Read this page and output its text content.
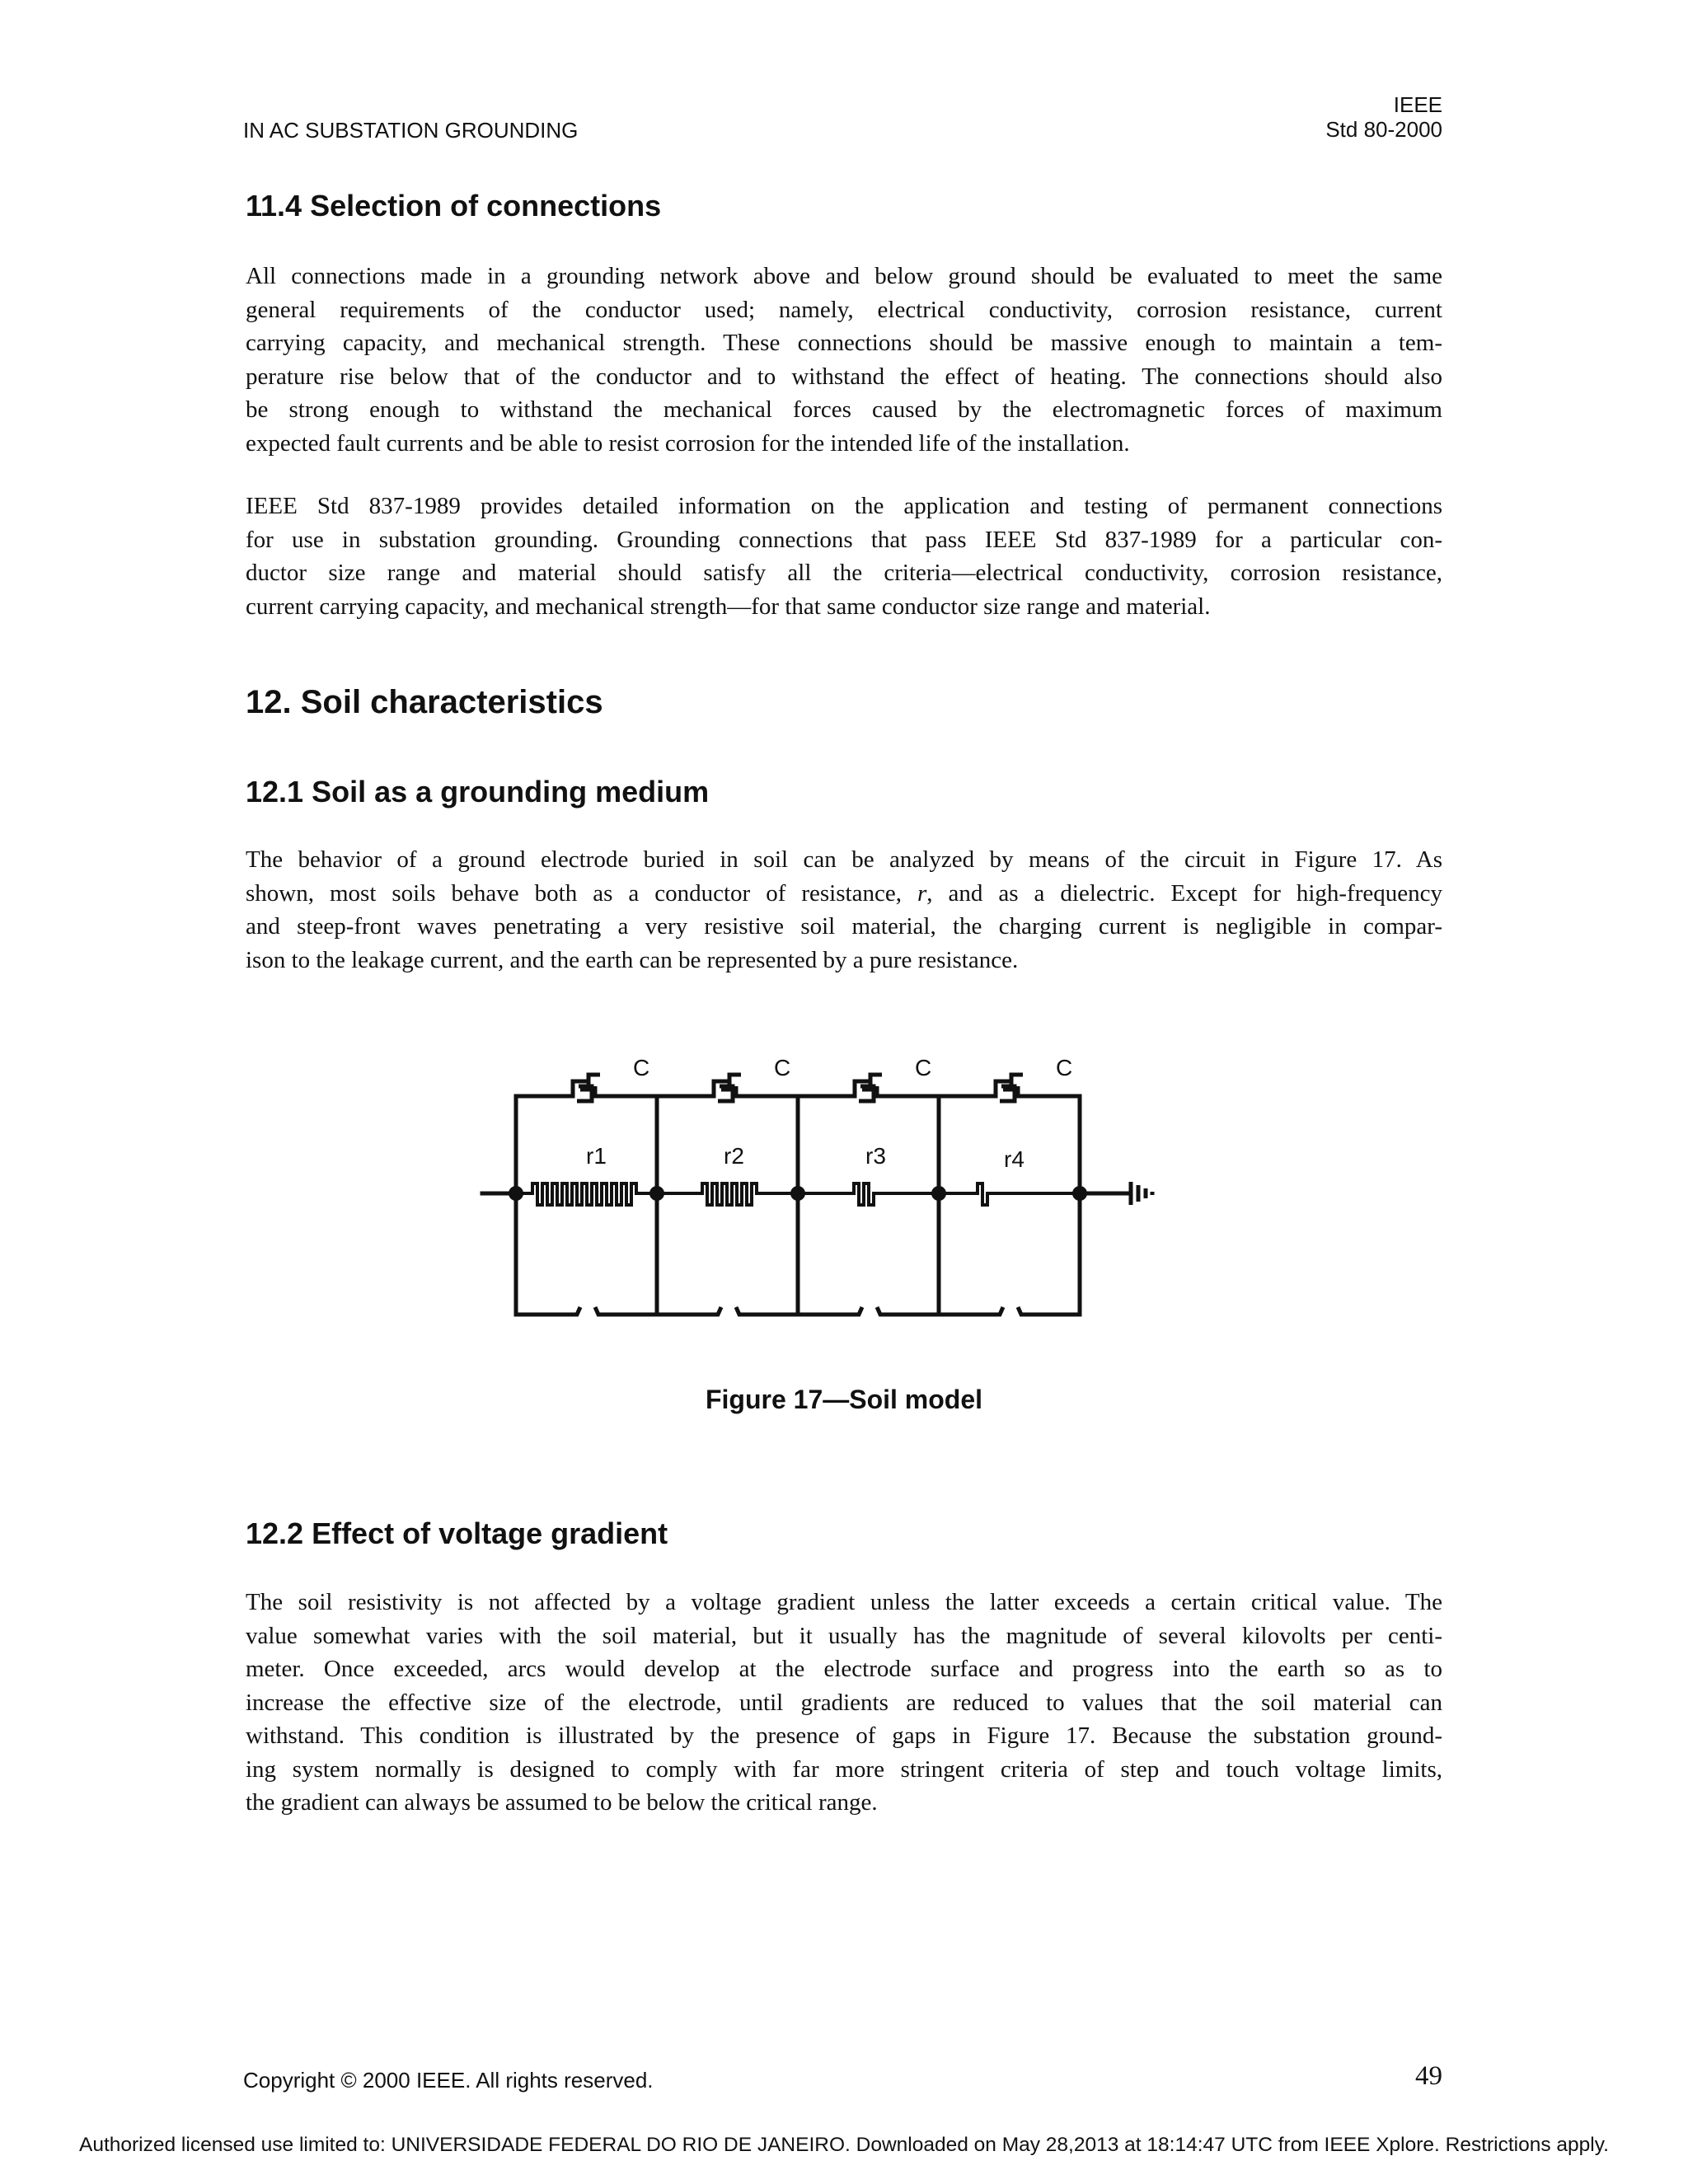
IN AC SUBSTATION GROUNDING
IEEE
Std 80-2000
11.4 Selection of connections

All connections made in a grounding network above and below ground should be evaluated to meet the same
general requirements of the conductor used; namely, electrical conductivity, corrosion resistance, current
carrying capacity, and mechanical strength. These connections should be massive enough to maintain a tem-
perature rise below that of the conductor and to withstand the effect of heating. The connections should also
be strong enough to withstand the mechanical forces caused by the electromagnetic forces of maximum
expected fault currents and be able to resist corrosion for the intended life of the installation.

IEEE Std 837-1989 provides detailed information on the application and testing of permanent connections
for use in substation grounding. Grounding connections that pass IEEE Std 837-1989 for a particular con-
ductor size range and material should satisfy all the criteria—electrical conductivity, corrosion resistance,
current carrying capacity, and mechanical strength—for that same conductor size range and material.

12. Soil characteristics
12.1 Soil as a grounding medium

The behavior of a ground electrode buried in soil can be analyzed by means of the circuit in Figure 17. As
shown, most soils behave both as a conductor of resistance, r, and as a dielectric. Except for high-frequency
and steep-front waves penetrating a very resistive soil material, the charging current is negligible in compar-
ison to the leakage current, and the earth can be represented by a pure resistance.

C	C	C	C
r1	r2	r3	r4
Figure 17—Soil model
12.2 Effect of voltage gradient

The soil resistivity is not affected by a voltage gradient unless the latter exceeds a certain critical value. The
value somewhat varies with the soil material, but it usually has the magnitude of several kilovolts per centi-
meter. Once exceeded, arcs would develop at the electrode surface and progress into the earth so as to
increase the effective size of the electrode, until gradients are reduced to values that the soil material can
withstand. This condition is illustrated by the presence of gaps in Figure 17. Because the substation ground-
ing system normally is designed to comply with far more stringent criteria of step and touch voltage limits,
the gradient can always be assumed to be below the critical range.

Copyright © 2000 IEEE. All rights reserved.	49
Authorized licensed use limited to: UNIVERSIDADE FEDERAL DO RIO DE JANEIRO. Downloaded on May 28,2013 at 18:14:47 UTC from IEEE Xplore. Restrictions apply.
